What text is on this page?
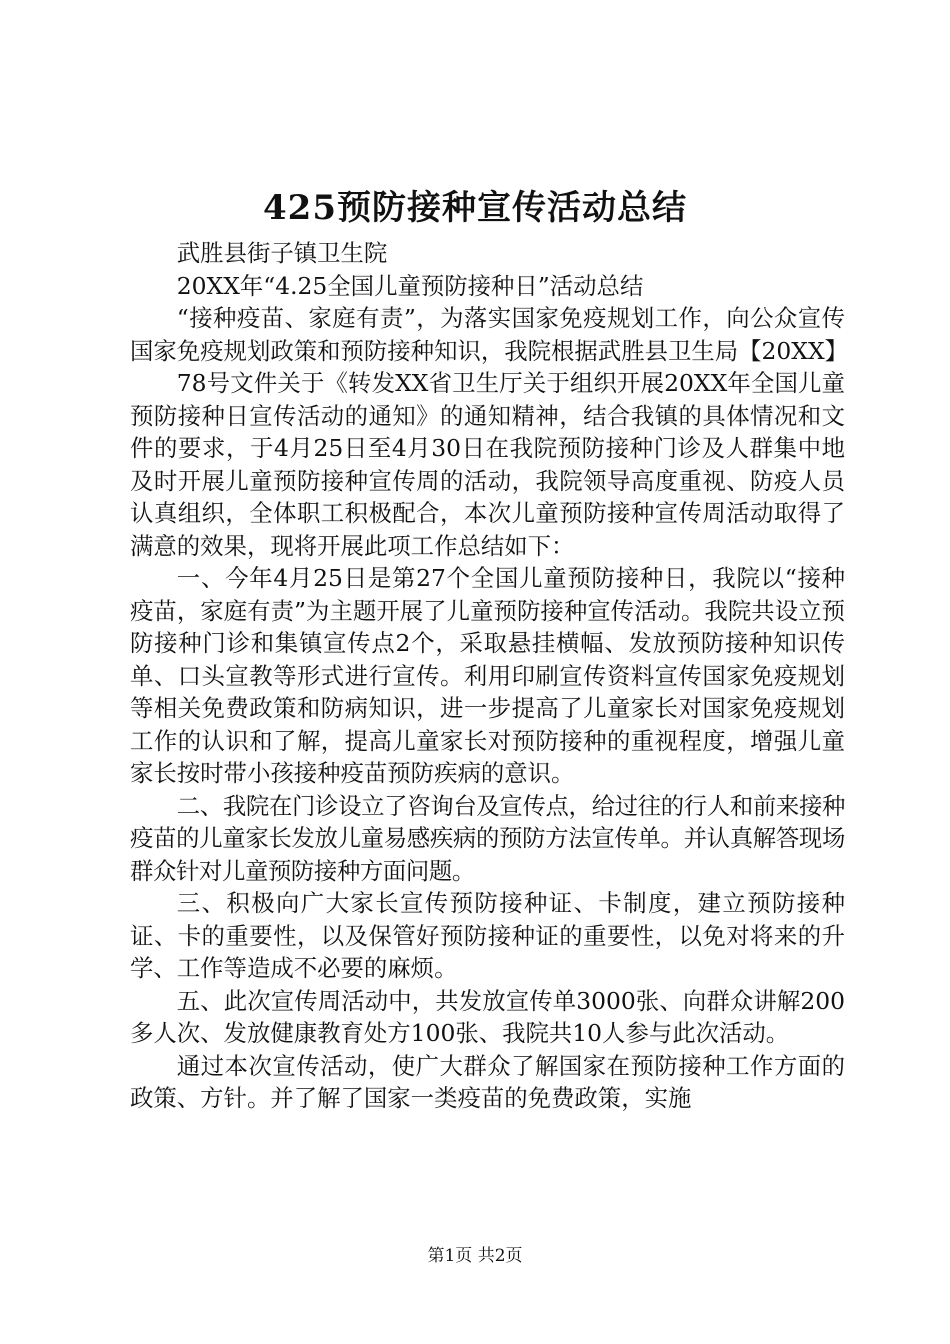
425预防接种宣传活动总结

武胜县街子镇卫生院

20XX年“4.25全国儿童预防接种日”活动总结

“接种疫苗、家庭有责”，为落实国家免疫规划工作，向公众宣传国家免疫规划政策和预防接种知识，我院根据武胜县卫生局【20XX】

78号文件关于《转发XX省卫生厅关于组织开展20XX年全国儿童预防接种日宣传活动的通知》的通知精神，结合我镇的具体情况和文件的要求，于4月25日至4月30日在我院预防接种门诊及人群集中地及时开展儿童预防接种宣传周的活动，我院领导高度重视、防疫人员认真组织，全体职工积极配合，本次儿童预防接种宣传周活动取得了满意的效果，现将开展此项工作总结如下：

一、今年4月25日是第27个全国儿童预防接种日，我院以“接种疫苗，家庭有责”为主题开展了儿童预防接种宣传活动。我院共设立预防接种门诊和集镇宣传点2个，采取悬挂横幅、发放预防接种知识传单、口头宣教等形式进行宣传。利用印刷宣传资料宣传国家免疫规划等相关免费政策和防病知识，进一步提高了儿童家长对国家免疫规划工作的认识和了解，提高儿童家长对预防接种的重视程度，增强儿童家长按时带小孩接种疫苗预防疾病的意识。

二、我院在门诊设立了咨询台及宣传点，给过往的行人和前来接种疫苗的儿童家长发放儿童易感疾病的预防方法宣传单。并认真解答现场群众针对儿童预防接种方面问题。

三、积极向广大家长宣传预防接种证、卡制度，建立预防接种证、卡的重要性，以及保管好预防接种证的重要性，以免对将来的升学、工作等造成不必要的麻烦。

五、此次宣传周活动中，共发放宣传单3000张、向群众讲解200多人次、发放健康教育处方100张、我院共10人参与此次活动。

通过本次宣传活动，使广大群众了解国家在预防接种工作方面的政策、方针。并了解了国家一类疫苗的免费政策，实施

第1页 共2页
